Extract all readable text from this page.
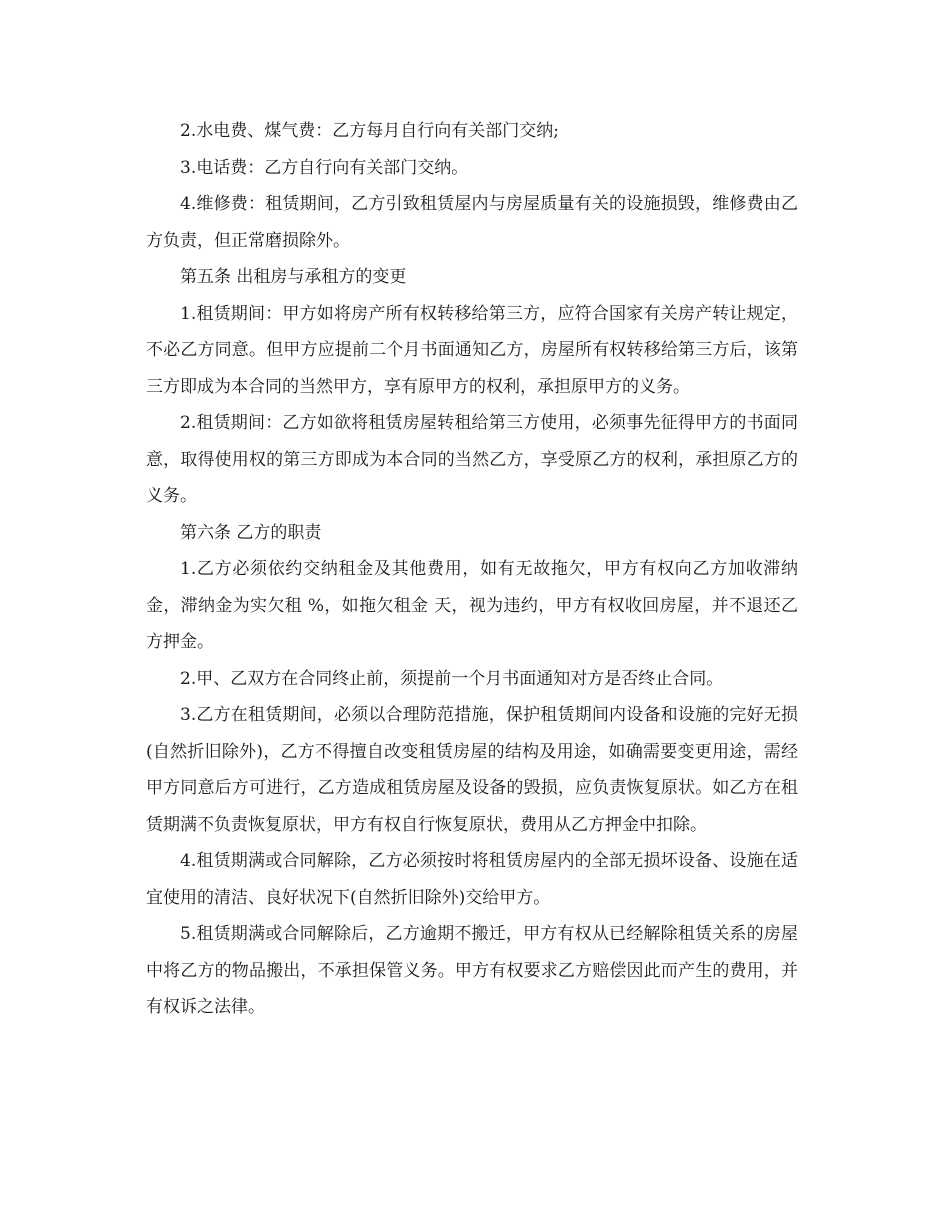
2.水电费、煤气费：乙方每月自行向有关部门交纳;

3.电话费：乙方自行向有关部门交纳。

4.维修费：租赁期间，乙方引致租赁屋内与房屋质量有关的设施损毁，维修费由乙方负责，但正常磨损除外。

第五条 出租房与承租方的变更

1.租赁期间：甲方如将房产所有权转移给第三方，应符合国家有关房产转让规定，不必乙方同意。但甲方应提前二个月书面通知乙方，房屋所有权转移给第三方后，该第三方即成为本合同的当然甲方，享有原甲方的权利，承担原甲方的义务。

2.租赁期间：乙方如欲将租赁房屋转租给第三方使用，必须事先征得甲方的书面同意，取得使用权的第三方即成为本合同的当然乙方，享受原乙方的权利，承担原乙方的义务。

第六条 乙方的职责

1.乙方必须依约交纳租金及其他费用，如有无故拖欠，甲方有权向乙方加收滞纳金，滞纳金为实欠租 %，如拖欠租金 天，视为违约，甲方有权收回房屋，并不退还乙方押金。

2.甲、乙双方在合同终止前，须提前一个月书面通知对方是否终止合同。

3.乙方在租赁期间，必须以合理防范措施，保护租赁期间内设备和设施的完好无损(自然折旧除外)，乙方不得擅自改变租赁房屋的结构及用途，如确需要变更用途，需经甲方同意后方可进行，乙方造成租赁房屋及设备的毁损，应负责恢复原状。如乙方在租赁期满不负责恢复原状，甲方有权自行恢复原状，费用从乙方押金中扣除。

4.租赁期满或合同解除，乙方必须按时将租赁房屋内的全部无损坏设备、设施在适宜使用的清洁、良好状况下(自然折旧除外)交给甲方。

5.租赁期满或合同解除后，乙方逾期不搬迁，甲方有权从已经解除租赁关系的房屋中将乙方的物品搬出，不承担保管义务。甲方有权要求乙方赔偿因此而产生的费用，并有权诉之法律。
